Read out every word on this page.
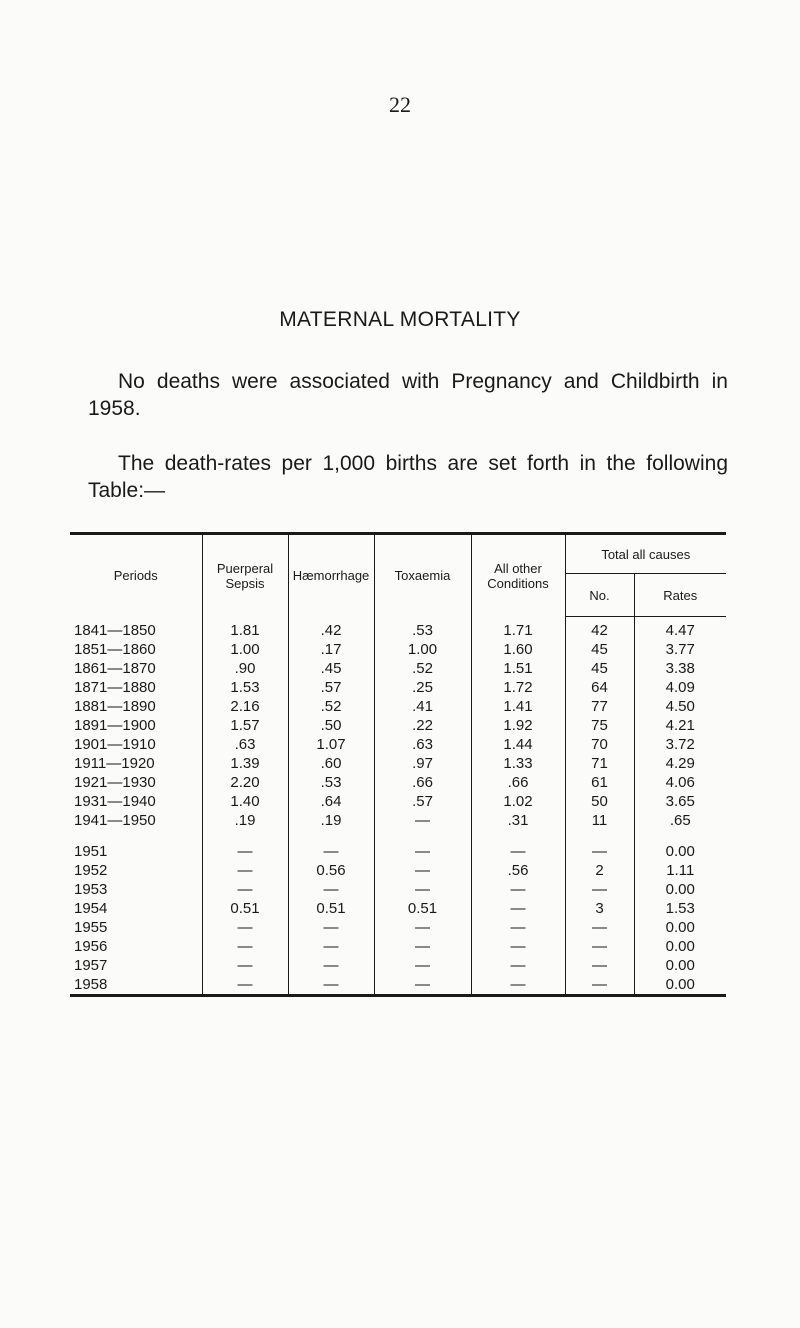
22
MATERNAL MORTALITY

No deaths were associated with Pregnancy and Childbirth in 1958.

The death-rates per 1,000 births are set forth in the following Table:—

Periods	Puerperal Sepsis	Hæmorrhage	Toxaemia	All other Conditions	Total all causes	
					No.	Rates
1841—1850	1.81	.42	.53	1.71	42	4.47
1851—1860	1.00	.17	1.00	1.60	45	3.77
1861—1870	.90	.45	.52	1.51	45	3.38
1871—1880	1.53	.57	.25	1.72	64	4.09
1881—1890	2.16	.52	.41	1.41	77	4.50
1891—1900	1.57	.50	.22	1.92	75	4.21
1901—1910	.63	1.07	.63	1.44	70	3.72
1911—1920	1.39	.60	.97	1.33	71	4.29
1921—1930	2.20	.53	.66	.66	61	4.06
1931—1940	1.40	.64	.57	1.02	50	3.65
1941—1950	.19	.19	—	.31	11	.65
1951	—	—	—	—	—	0.00
1952	—	0.56	—	.56	2	1.11
1953	—	—	—	—	—	0.00
1954	0.51	0.51	0.51	—	3	1.53
1955	—	—	—	—	—	0.00
1956	—	—	—	—	—	0.00
1957	—	—	—	—	—	0.00
1958	—	—	—	—	—	0.00
